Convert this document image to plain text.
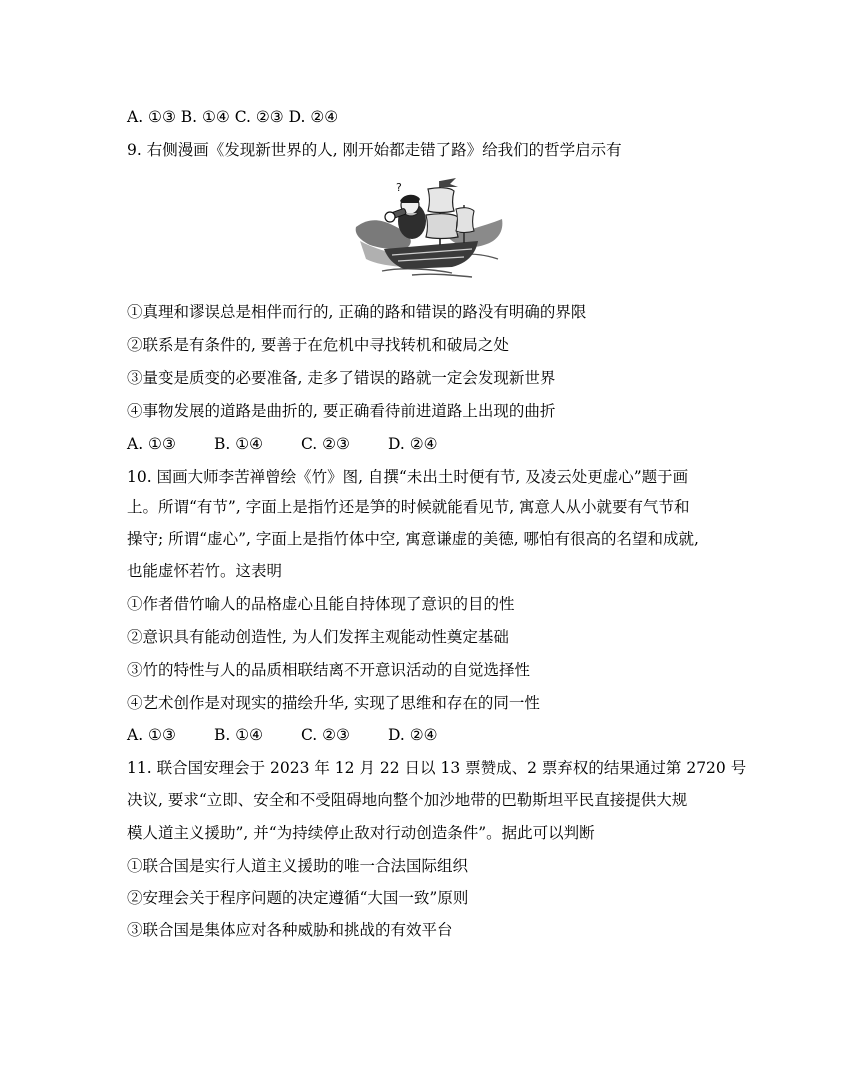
A. ①③ B. ①④ C. ②③ D. ②④
9. 右侧漫画《发现新世界的人, 刚开始都走错了路》给我们的哲学启示有
?
①真理和谬误总是相伴而行的, 正确的路和错误的路没有明确的界限
②联系是有条件的, 要善于在危机中寻找转机和破局之处
③量变是质变的必要准备, 走多了错误的路就一定会发现新世界
④事物发展的道路是曲折的, 要正确看待前进道路上出现的曲折
A. ①③ B. ①④ C. ②③ D. ②④
10. 国画大师李苦禅曾绘《竹》图, 自撰“未出土时便有节, 及凌云处更虚心”题于画
上。所谓“有节”, 字面上是指竹还是笋的时候就能看见节, 寓意人从小就要有气节和
操守; 所谓“虚心”, 字面上是指竹体中空, 寓意谦虚的美德, 哪怕有很高的名望和成就,
也能虚怀若竹。这表明
①作者借竹喻人的品格虚心且能自持体现了意识的目的性
②意识具有能动创造性, 为人们发挥主观能动性奠定基础
③竹的特性与人的品质相联结离不开意识活动的自觉选择性
④艺术创作是对现实的描绘升华, 实现了思维和存在的同一性
A. ①③ B. ①④ C. ②③ D. ②④
11. 联合国安理会于 2023 年 12 月 22 日以 13 票赞成、2 票弃权的结果通过第 2720 号
决议, 要求“立即、安全和不受阻碍地向整个加沙地带的巴勒斯坦平民直接提供大规
模人道主义援助”, 并“为持续停止敌对行动创造条件”。据此可以判断
①联合国是实行人道主义援助的唯一合法国际组织
②安理会关于程序问题的决定遵循“大国一致”原则
③联合国是集体应对各种威胁和挑战的有效平台
